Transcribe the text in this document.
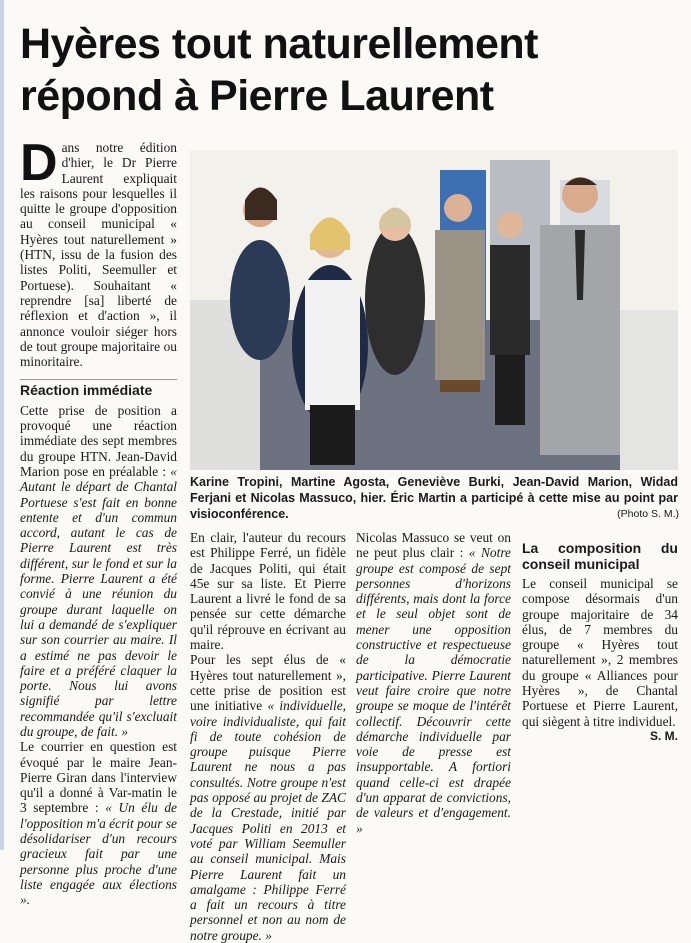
Hyères tout naturellement répond à Pierre Laurent

Dans notre édition d'hier, le Dr Pierre Laurent expliquait les raisons pour lesquelles il quitte le groupe d'opposition au conseil municipal « Hyères tout naturellement » (HTN, issu de la fusion des listes Politi, Seemuller et Portuese). Souhaitant « reprendre [sa] liberté de réflexion et d'action », il annonce vouloir siéger hors de tout groupe majoritaire ou minoritaire.

Réaction immédiate

Cette prise de position a provoqué une réaction immédiate des sept membres du groupe HTN. Jean-David Marion pose en préalable : « Autant le départ de Chantal Portuese s'est fait en bonne entente et d'un commun accord, autant le cas de Pierre Laurent est très différent, sur le fond et sur la forme. Pierre Laurent a été convié à une réunion du groupe durant laquelle on lui a demandé de s'expliquer sur son courrier au maire. Il a estimé ne pas devoir le faire et a préféré claquer la porte. Nous lui avons signifié par lettre recommandée qu'il s'excluait du groupe, de fait. »

Le courrier en question est évoqué par le maire Jean-Pierre Giran dans l'interview qu'il a donné à Var-matin le 3 septembre : « Un élu de l'opposition m'a écrit pour se désolidariser d'un recours gracieux fait par une personne plus proche d'une liste engagée aux élections ».

Karine Tropini, Martine Agosta, Geneviève Burki, Jean-David Marion, Widad Ferjani et Nicolas Massuco, hier. Éric Martin a participé à cette mise au point par visioconférence.	(Photo S. M.)

En clair, l'auteur du recours est Philippe Ferré, un fidèle de Jacques Politi, qui était 45e sur sa liste. Et Pierre Laurent a livré le fond de sa pensée sur cette démarche qu'il réprouve en écrivant au maire.

Pour les sept élus de « Hyères tout naturellement », cette prise de position est une initiative « individuelle, voire individualiste, qui fait fi de toute cohésion de groupe puisque Pierre Laurent ne nous a pas consultés. Notre groupe n'est pas opposé au projet de ZAC de la Crestade, initié par Jacques Politi en 2013 et voté par William Seemuller au conseil municipal. Mais Pierre Laurent fait un amalgame : Philippe Ferré a fait un recours à titre personnel et non au nom de notre groupe. »

Nicolas Massuco se veut on ne peut plus clair : « Notre groupe est composé de sept personnes d'horizons différents, mais dont la force et le seul objet sont de mener une opposition constructive et respectueuse de la démocratie participative. Pierre Laurent veut faire croire que notre groupe se moque de l'intérêt collectif. Découvrir cette démarche individuelle par voie de presse est insupportable. A fortiori quand celle-ci est drapée d'un apparat de convictions, de valeurs et d'engagement. »

La composition du conseil municipal

Le conseil municipal se compose désormais d'un groupe majoritaire de 34 élus, de 7 membres du groupe « Hyères tout naturellement », 2 membres du groupe « Alliances pour Hyères », de Chantal Portuese et Pierre Laurent, qui siègent à titre individuel.

S. M.
